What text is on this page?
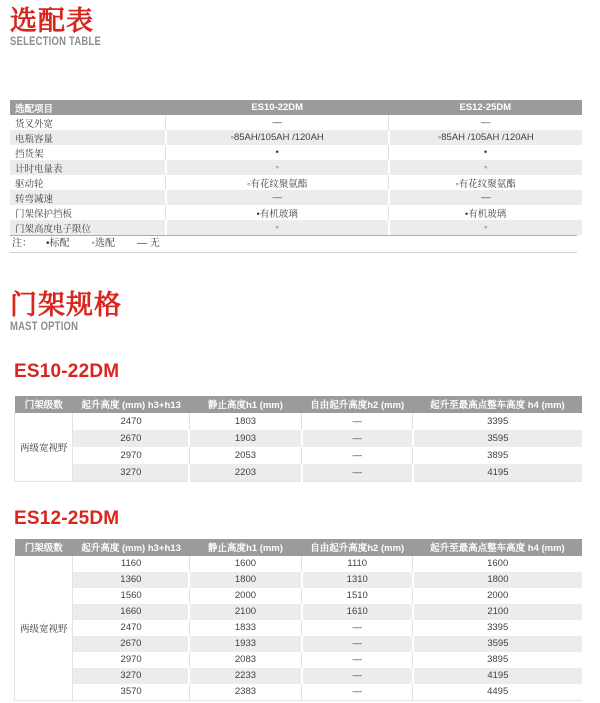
选配表
SELECTION TABLE
选配项目	ES10-22DM	ES12-25DM
货叉外宽	—	—
电瓶容量	◦85AH/105AH /120AH	◦85AH /105AH /120AH
挡货架	•	•
计时电量表	◦	◦
驱动轮	◦有花纹聚氨酯	◦有花纹聚氨酯
转弯减速	—	—
门架保护挡板	•有机玻璃	•有机玻璃
门架高度电子限位	◦	◦
注： •标配 ◦选配 — 无
门架规格
MAST OPTION
ES10-22DM
门架级数	起升高度 (mm) h3+h13	静止高度h1 (mm)	自由起升高度h2 (mm)	起升至最高点整车高度 h4 (mm)
两级宽视野	2470	1803	—	3395
	2670	1903	—	3595
	2970	2053	—	3895
	3270	2203	—	4195
ES12-25DM
门架级数	起升高度 (mm) h3+h13	静止高度h1 (mm)	自由起升高度h2 (mm)	起升至最高点整车高度 h4 (mm)
两级宽视野	1160	1600	1110	1600
	1360	1800	1310	1800
	1560	2000	1510	2000
	1660	2100	1610	2100
	2470	1833	—	3395
	2670	1933	—	3595
	2970	2083	—	3895
	3270	2233	—	4195
	3570	2383	—	4495
